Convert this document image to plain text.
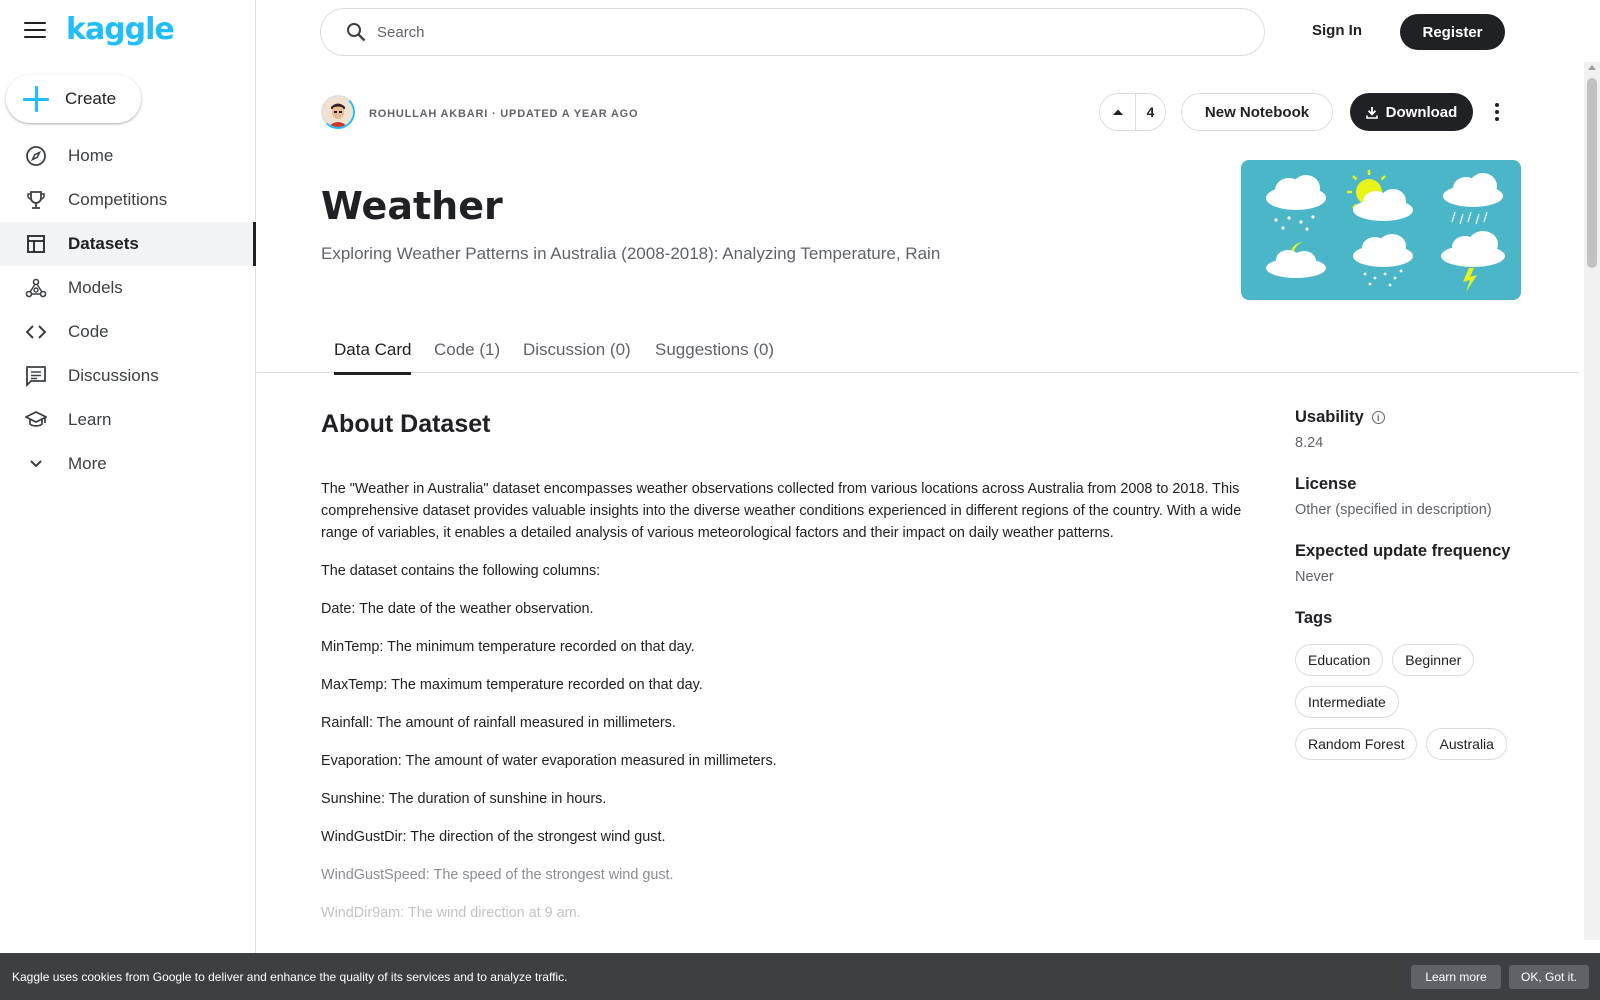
kaggle
Create
Home
Competitions
Datasets
Models
Code
Discussions
Learn
More
Search
Sign In	Register
ROHULLAH AKBARI · UPDATED A YEAR AGO	4	New Notebook	Download
Weather
Exploring Weather Patterns in Australia (2008-2018): Analyzing Temperature, Rain
Data Card Code (1) Discussion (0) Suggestions (0)
About Dataset

The "Weather in Australia" dataset encompasses weather observations collected from various locations across Australia from 2008 to 2018. This comprehensive dataset provides valuable insights into the diverse weather conditions experienced in different regions of the country. With a wide range of variables, it enables a detailed analysis of various meteorological factors and their impact on daily weather patterns.

The dataset contains the following columns:

Date: The date of the weather observation.

MinTemp: The minimum temperature recorded on that day.

MaxTemp: The maximum temperature recorded on that day.

Rainfall: The amount of rainfall measured in millimeters.

Evaporation: The amount of water evaporation measured in millimeters.

Sunshine: The duration of sunshine in hours.

WindGustDir: The direction of the strongest wind gust.

WindGustSpeed: The speed of the strongest wind gust.

WindDir9am: The wind direction at 9 am.

Usability	i
8.24
License
Other (specified in description)
Expected update frequency
Never
Tags
Education	Beginner
Intermediate
Random Forest	Australia
Kaggle uses cookies from Google to deliver and enhance the quality of its services and to analyze traffic.	Learn more	OK, Got it.
